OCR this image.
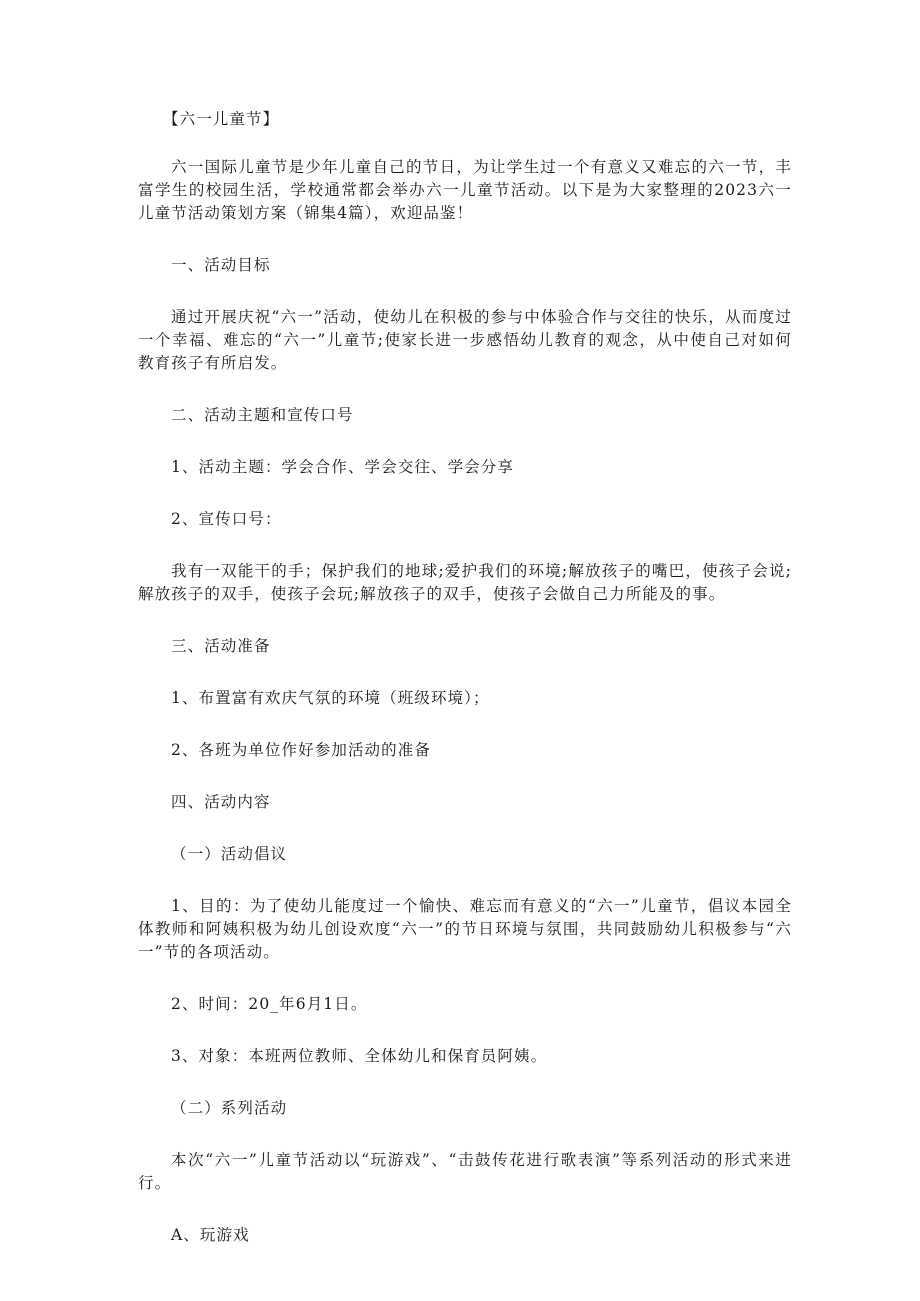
【六一儿童节】

六一国际儿童节是少年儿童自己的节日，为让学生过一个有意义又难忘的六一节，丰富学生的校园生活，学校通常都会举办六一儿童节活动。以下是为大家整理的2023六一儿童节活动策划方案（锦集4篇），欢迎品鉴！

一、活动目标

通过开展庆祝“六一”活动，使幼儿在积极的参与中体验合作与交往的快乐，从而度过一个幸福、难忘的“六一”儿童节;使家长进一步感悟幼儿教育的观念，从中使自己对如何教育孩子有所启发。

二、活动主题和宣传口号

1、活动主题：学会合作、学会交往、学会分享

2、宣传口号：

我有一双能干的手；保护我们的地球;爱护我们的环境;解放孩子的嘴巴，使孩子会说;解放孩子的双手，使孩子会玩;解放孩子的双手，使孩子会做自己力所能及的事。

三、活动准备

1、布置富有欢庆气氛的环境（班级环境）；

2、各班为单位作好参加活动的准备

四、活动内容

（一）活动倡议

1、目的：为了使幼儿能度过一个愉快、难忘而有意义的“六一”儿童节，倡议本园全体教师和阿姨积极为幼儿创设欢度“六一”的节日环境与氛围，共同鼓励幼儿积极参与“六一”节的各项活动。

2、时间：20_年6月1日。

3、对象：本班两位教师、全体幼儿和保育员阿姨。

（二）系列活动

本次“六一”儿童节活动以“玩游戏”、“击鼓传花进行歌表演”等系列活动的形式来进行。

A、玩游戏
